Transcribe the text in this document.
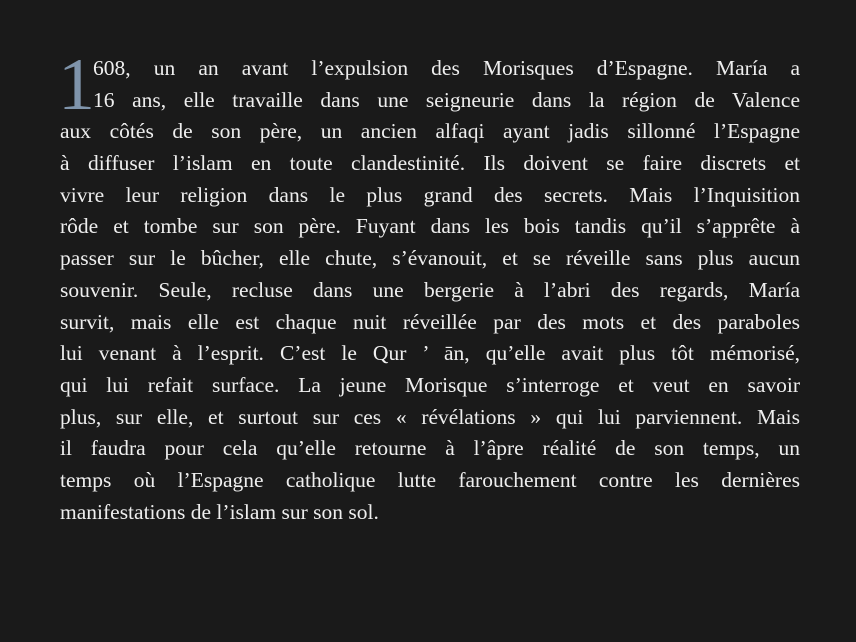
1
608, un an avant l’expulsion des Morisques d’Espagne. María a
16 ans, elle travaille dans une seigneurie dans la région de Valence
aux côtés de son père, un ancien alfaqi ayant jadis sillonné l’Espagne
à diffuser l’islam en toute clandestinité. Ils doivent se faire discrets et
vivre leur religion dans le plus grand des secrets. Mais l’Inquisition
rôde et tombe sur son père. Fuyant dans les bois tandis qu’il s’apprête à
passer sur le bûcher, elle chute, s’évanouit, et se réveille sans plus aucun
souvenir. Seule, recluse dans une bergerie à l’abri des regards, María
survit, mais elle est chaque nuit réveillée par des mots et des paraboles
lui venant à l’esprit. C’est le Qur ’ ān, qu’elle avait plus tôt mémorisé,
qui lui refait surface. La jeune Morisque s’interroge et veut en savoir
plus, sur elle, et surtout sur ces « révélations » qui lui parviennent. Mais
il faudra pour cela qu’elle retourne à l’âpre réalité de son temps, un
temps où l’Espagne catholique lutte farouchement contre les dernières
manifestations de l’islam sur son sol.
